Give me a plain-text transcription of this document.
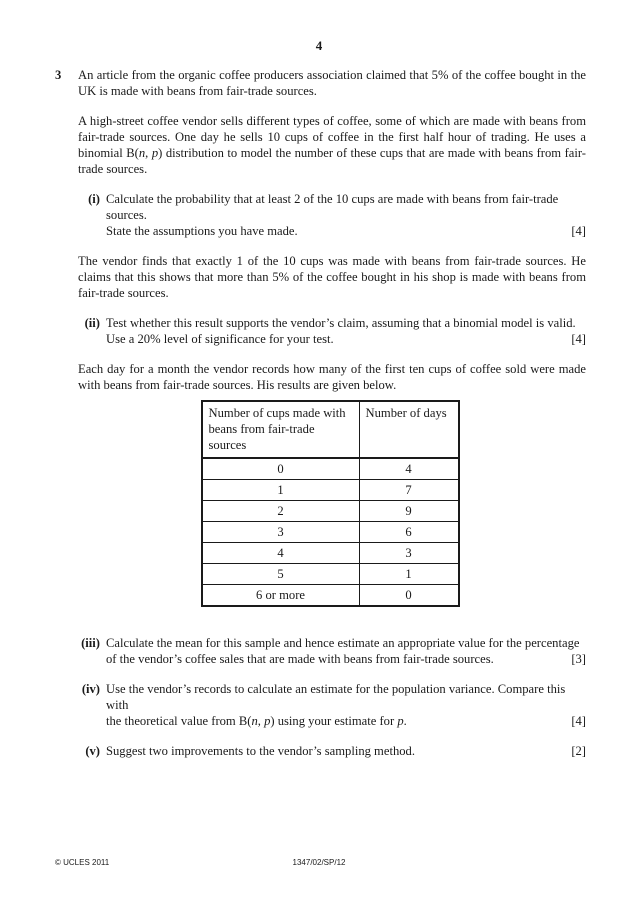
4
3 An article from the organic coffee producers association claimed that 5% of the coffee bought in the UK is made with beans from fair-trade sources.

A high-street coffee vendor sells different types of coffee, some of which are made with beans from fair-trade sources. One day he sells 10 cups of coffee in the first half hour of trading. He uses a binomial B(n, p) distribution to model the number of these cups that are made with beans from fair-trade sources.

(i) Calculate the probability that at least 2 of the 10 cups are made with beans from fair-trade sources.
State the assumptions you have made.	[4]

The vendor finds that exactly 1 of the 10 cups was made with beans from fair-trade sources. He claims that this shows that more than 5% of the coffee bought in his shop is made with beans from fair-trade sources.

(ii) Test whether this result supports the vendor’s claim, assuming that a binomial model is valid.
Use a 20% level of significance for your test.	[4]

Each day for a month the vendor records how many of the first ten cups of coffee sold were made with beans from fair-trade sources. His results are given below.

Number of cups made with beans from fair-trade sources	Number of days
0	4
1	7
2	9
3	6
4	3
5	1
6 or more	0
(iii) Calculate the mean for this sample and hence estimate an appropriate value for the percentage
of the vendor’s coffee sales that are made with beans from fair-trade sources.	[3]
(iv) Use the vendor’s records to calculate an estimate for the population variance. Compare this with
the theoretical value from B(n, p) using your estimate for p.	[4]
(v) Suggest two improvements to the vendor’s sampling method.	[2]
© UCLES 2011	1347/02/SP/12
